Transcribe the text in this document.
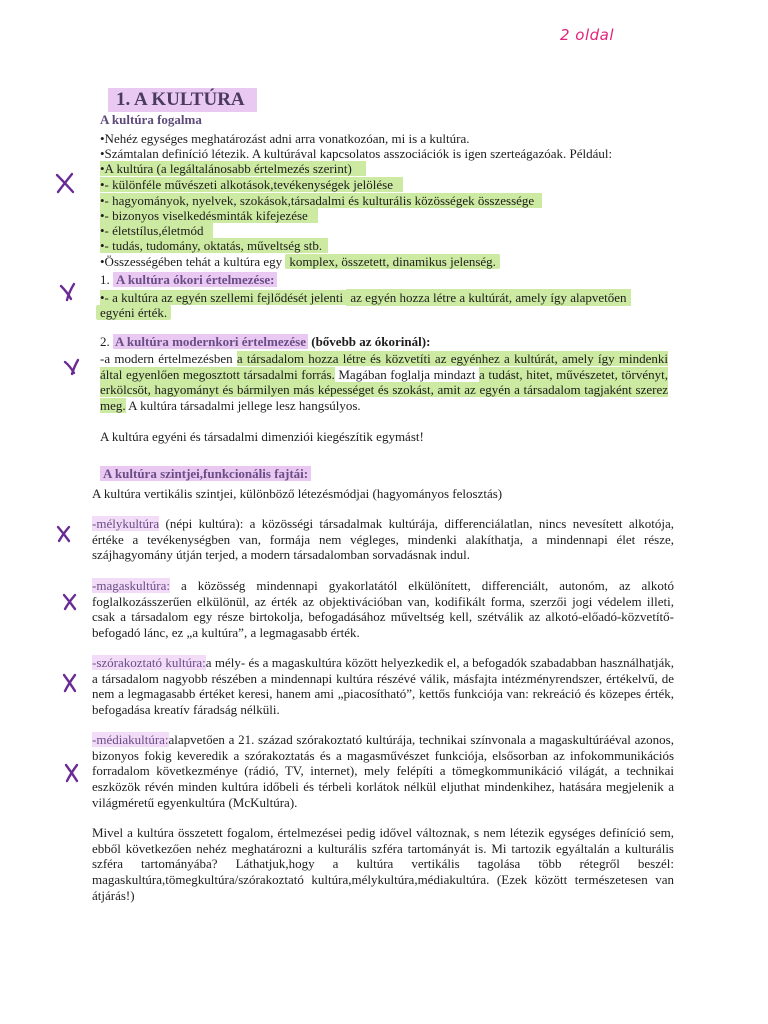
2 oldal
1. A KULTÚRA
A kultúra fogalma
•Nehéz egységes meghatározást adni arra vonatkozóan, mi is a kultúra.
•Számtalan definíció létezik. A kultúrával kapcsolatos asszociációk is igen szerteágazóak. Például:
•A kultúra (a legáltalánosabb értelmezés szerint)
•- különféle művészeti alkotások,tevékenységek jelölése
•- hagyományok, nyelvek, szokások,társadalmi és kulturális közösségek összessége
•- bizonyos viselkedésminták kifejezése
•- életstílus,életmód
•- tudás, tudomány, oktatás, műveltség stb.
•Összességében tehát a kultúra egy komplex, összetett, dinamikus jelenség.
1. A kultúra ókori értelmezése:
•- a kultúra az egyén szellemi fejlődését jelenti az egyén hozza létre a kultúrát, amely így alapvetően
egyéni érték.
2. A kultúra modernkori értelmezése (bővebb az ókorinál):
-a modern értelmezésben a társadalom hozza létre és közvetíti az egyénhez a kultúrát, amely így mindenki által egyenlően megosztott társadalmi forrás. Magában foglalja mindazt a tudást, hitet, művészetet, törvényt, erkölcsöt, hagyományt és bármilyen más képességet és szokást, amit az egyén a társadalom tagjaként szerez meg. A kultúra társadalmi jellege lesz hangsúlyos.
A kultúra egyéni és társadalmi dimenziói kiegészítik egymást!
A kultúra szintjei,funkcionális fajtái:
A kultúra vertikális szintjei, különböző létezésmódjai (hagyományos felosztás)
-mélykultúra (népi kultúra): a közösségi társadalmak kultúrája, differenciálatlan, nincs nevesített alkotója, értéke a tevékenységben van, formája nem végleges, mindenki alakíthatja, a mindennapi élet része, szájhagyomány útján terjed, a modern társadalomban sorvadásnak indul.
-magaskultúra: a közösség mindennapi gyakorlatától elkülönített, differenciált, autonóm, az alkotó foglalkozásszerűen elkülönül, az érték az objektivációban van, kodifikált forma, szerzői jogi védelem illeti, csak a társadalom egy része birtokolja, befogadásához műveltség kell, szétválik az alkotó-előadó-közvetítő-befogadó lánc, ez „a kultúra”, a legmagasabb érték.
-szórakoztató kultúra:a mély- és a magaskultúra között helyezkedik el, a befogadók szabadabban használhatják, a társadalom nagyobb részében a mindennapi kultúra részévé válik, másfajta intézményrendszer, értékelvű, de nem a legmagasabb értéket keresi, hanem ami „piacosítható”, kettős funkciója van: rekreáció és közepes érték, befogadása kreatív fáradság nélküli.
-médiakultúra:alapvetően a 21. század szórakoztató kultúrája, technikai színvonala a magaskultúráéval azonos, bizonyos fokig keveredik a szórakoztatás és a magasművészet funkciója, elsősorban az infokommunikációs forradalom következménye (rádió, TV, internet), mely felépíti a tömegkommunikáció világát, a technikai eszközök révén minden kultúra időbeli és térbeli korlátok nélkül eljuthat mindenkihez, hatására megjelenik a világméretű egyenkultúra (McKultúra).
Mivel a kultúra összetett fogalom, értelmezései pedig idővel változnak, s nem létezik egységes definíció sem, ebből következően nehéz meghatározni a kulturális szféra tartományát is. Mi tartozik egyáltalán a kulturális szféra tartományába? Láthatjuk,hogy a kultúra vertikális tagolása több rétegről beszél: magaskultúra,tömegkultúra/szórakoztató kultúra,mélykultúra,médiakultúra. (Ezek között természetesen van átjárás!)
